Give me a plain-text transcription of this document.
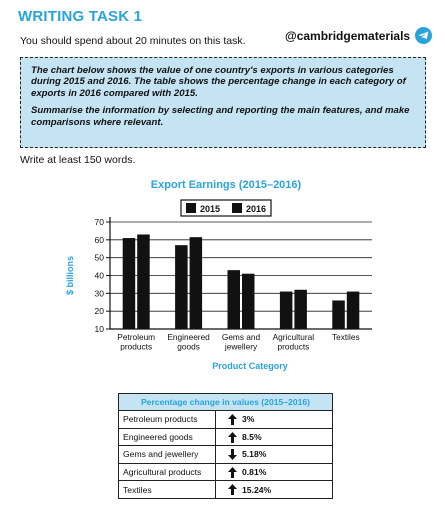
WRITING TASK 1
You should spend about 20 minutes on this task.	@cambridgematerials

The chart below shows the value of one country's exports in various categories during 2015 and 2016. The table shows the percentage change in each category of exports in 2016 compared with 2015.

Summarise the information by selecting and reporting the main features, and make comparisons where relevant.

Write at least 150 words.
Export Earnings (2015–2016)
2015	2016
10
20
30
40
50
60
70
Petroleum
products
Engineered
goods
Gems and
jewellery
Agricultural
products
Textiles
$ billions
Product Category
Percentage change in values (2015–2016)	
Petroleum products	3%
Engineered goods	8.5%
Gems and jewellery	5.18%
Agricultural products	0.81%
Textiles	15.24%
